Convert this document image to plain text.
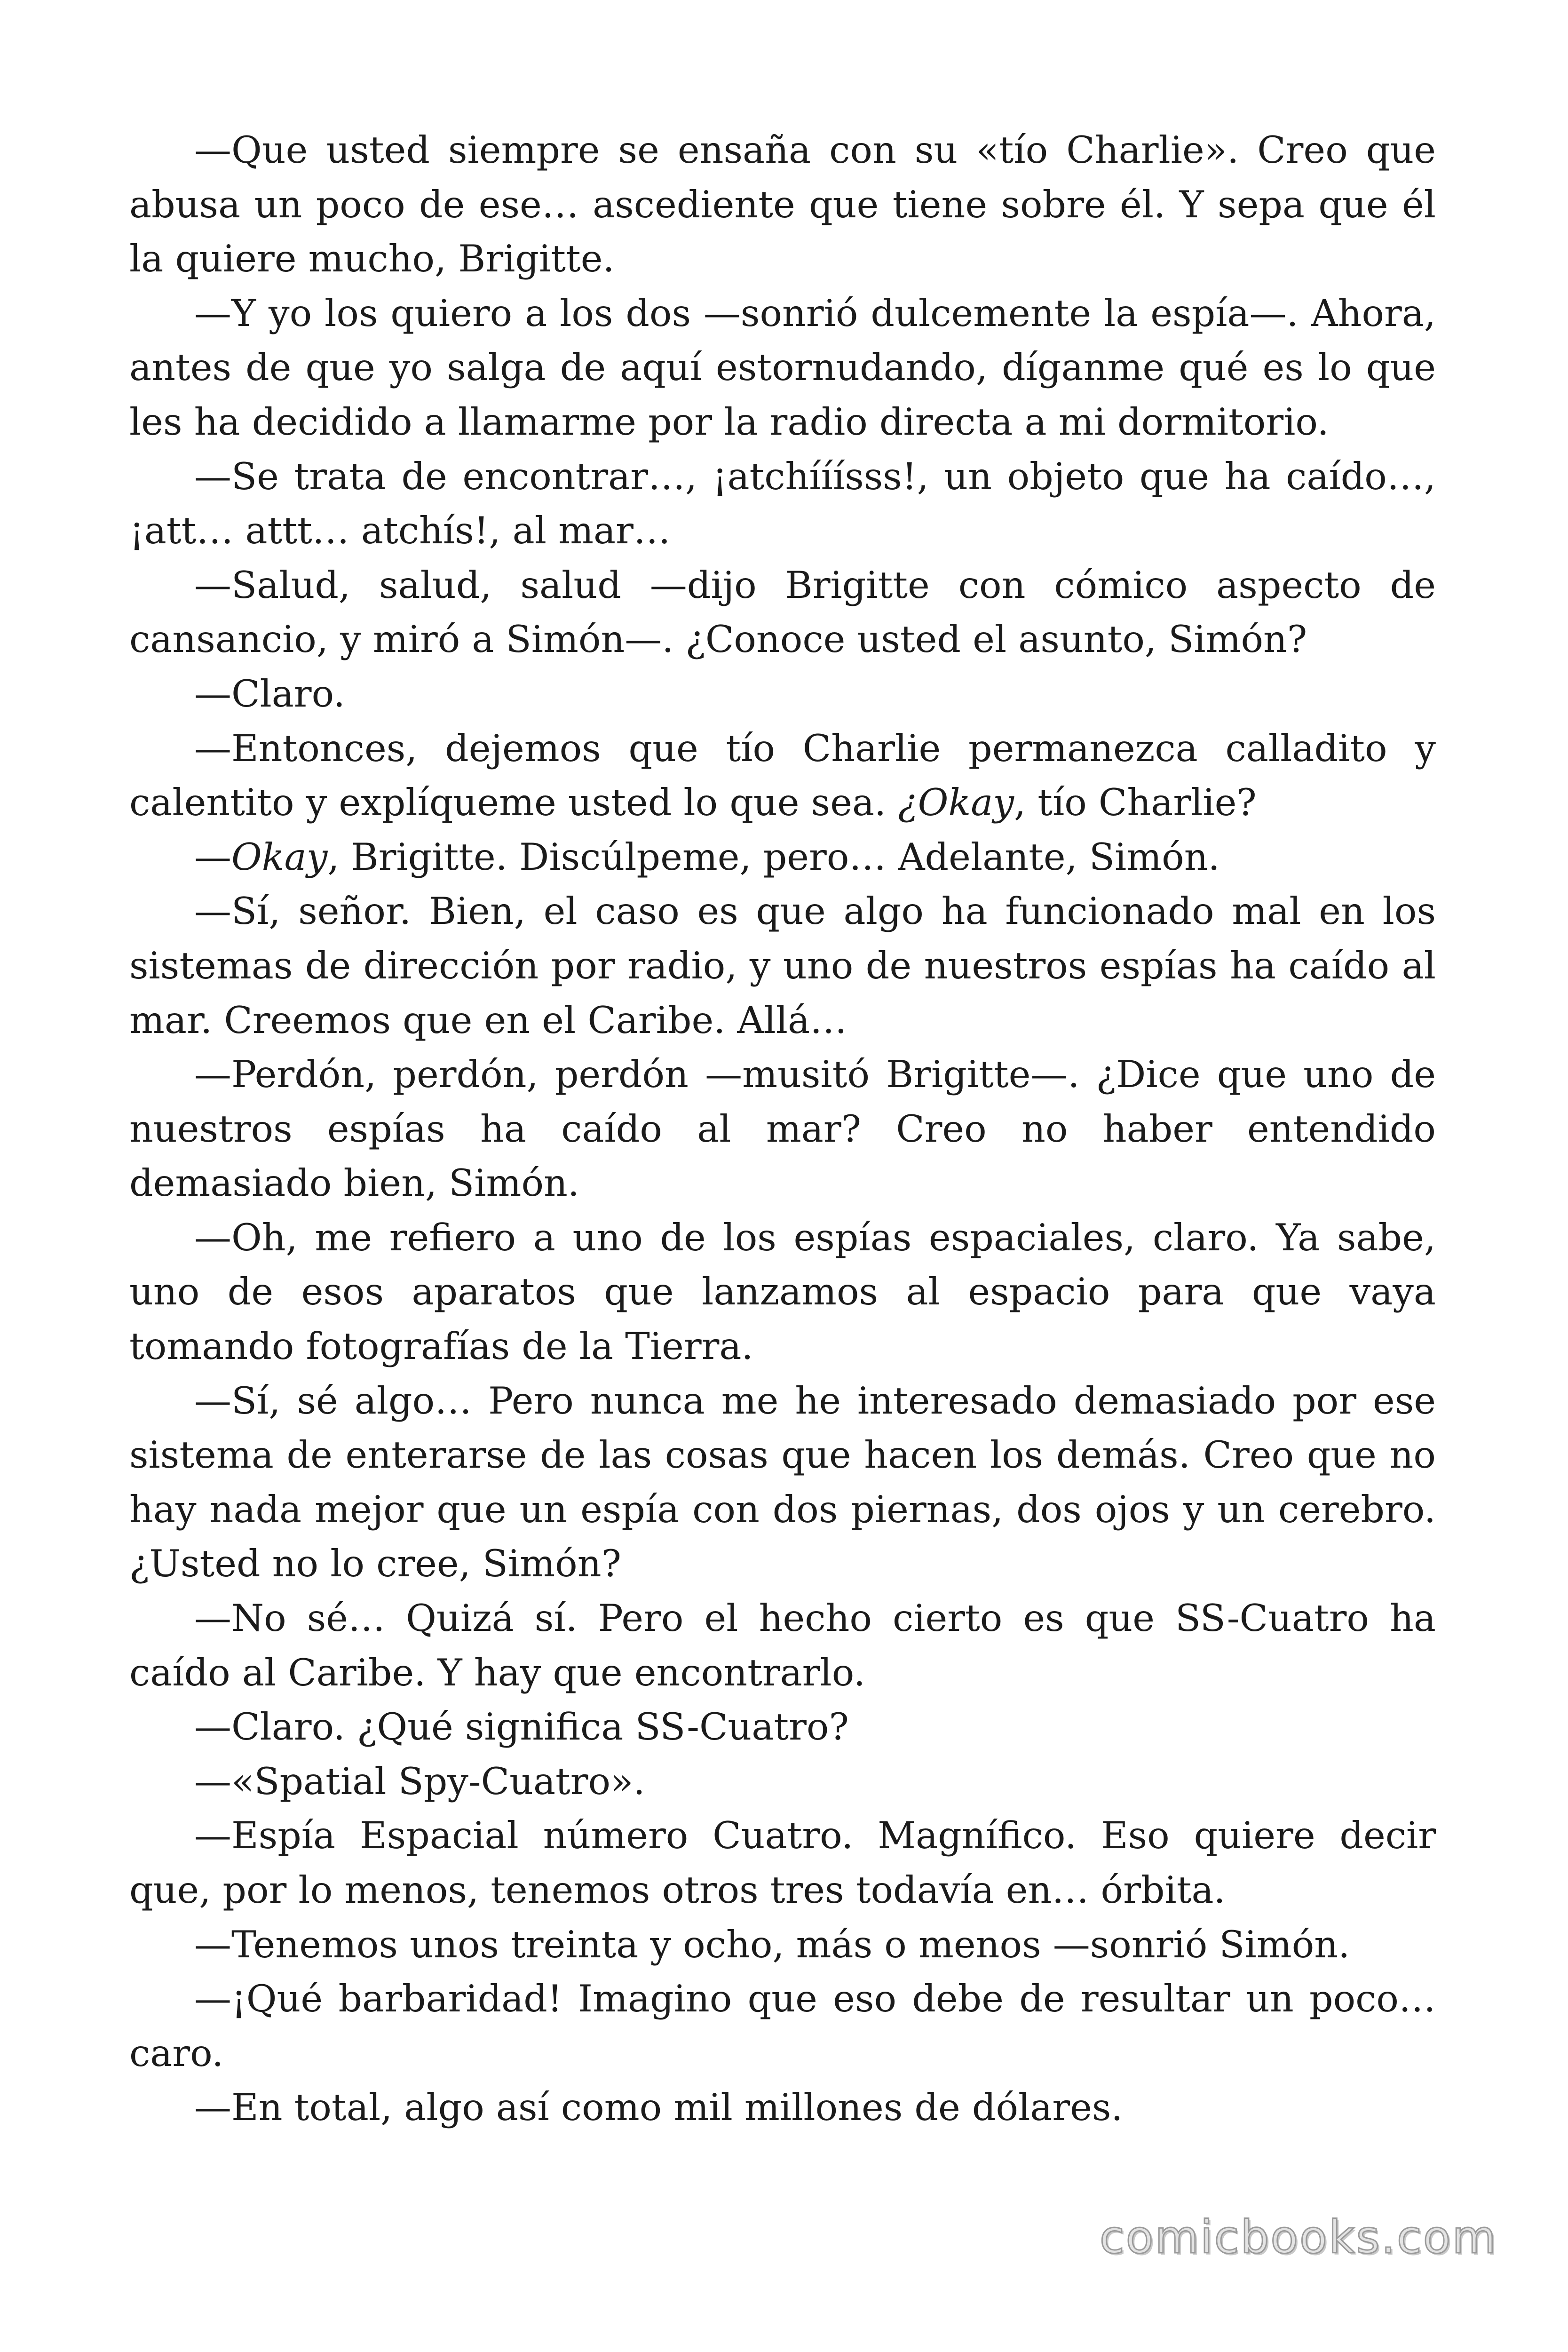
—Que usted siempre se ensaña con su «tío Charlie». Creo que abusa un poco de ese… ascediente que tiene sobre él. Y sepa que él la quiere mucho, Brigitte.

—Y yo los quiero a los dos —sonrió dulcemente la espía—. Ahora, antes de que yo salga de aquí estornudando, díganme qué es lo que les ha decidido a llamarme por la radio directa a mi dormitorio.

—Se trata de encontrar…, ¡atchííísss!, un objeto que ha caído…, ¡att… attt… atchís!, al mar…

—Salud, salud, salud —dijo Brigitte con cómico aspecto de cansancio, y miró a Simón—. ¿Conoce usted el asunto, Simón?

—Claro.

—Entonces, dejemos que tío Charlie permanezca calladito y calentito y explíqueme usted lo que sea. ¿Okay, tío Charlie?

—Okay, Brigitte. Discúlpeme, pero… Adelante, Simón.

—Sí, señor. Bien, el caso es que algo ha funcionado mal en los sistemas de dirección por radio, y uno de nuestros espías ha caído al mar. Creemos que en el Caribe. Allá…

—Perdón, perdón, perdón —musitó Brigitte—. ¿Dice que uno de nuestros espías ha caído al mar? Creo no haber entendido demasiado bien, Simón.

—Oh, me refiero a uno de los espías espaciales, claro. Ya sabe, uno de esos aparatos que lanzamos al espacio para que vaya tomando fotografías de la Tierra.

—Sí, sé algo… Pero nunca me he interesado demasiado por ese sistema de enterarse de las cosas que hacen los demás. Creo que no hay nada mejor que un espía con dos piernas, dos ojos y un cerebro. ¿Usted no lo cree, Simón?

—No sé… Quizá sí. Pero el hecho cierto es que SS-Cuatro ha caído al Caribe. Y hay que encontrarlo.

—Claro. ¿Qué significa SS-Cuatro?

—«Spatial Spy-Cuatro».

—Espía Espacial número Cuatro. Magnífico. Eso quiere decir que, por lo menos, tenemos otros tres todavía en… órbita.

—Tenemos unos treinta y ocho, más o menos —sonrió Simón.

—¡Qué barbaridad! Imagino que eso debe de resultar un poco… caro.

—En total, algo así como mil millones de dólares.

comicbooks.com
